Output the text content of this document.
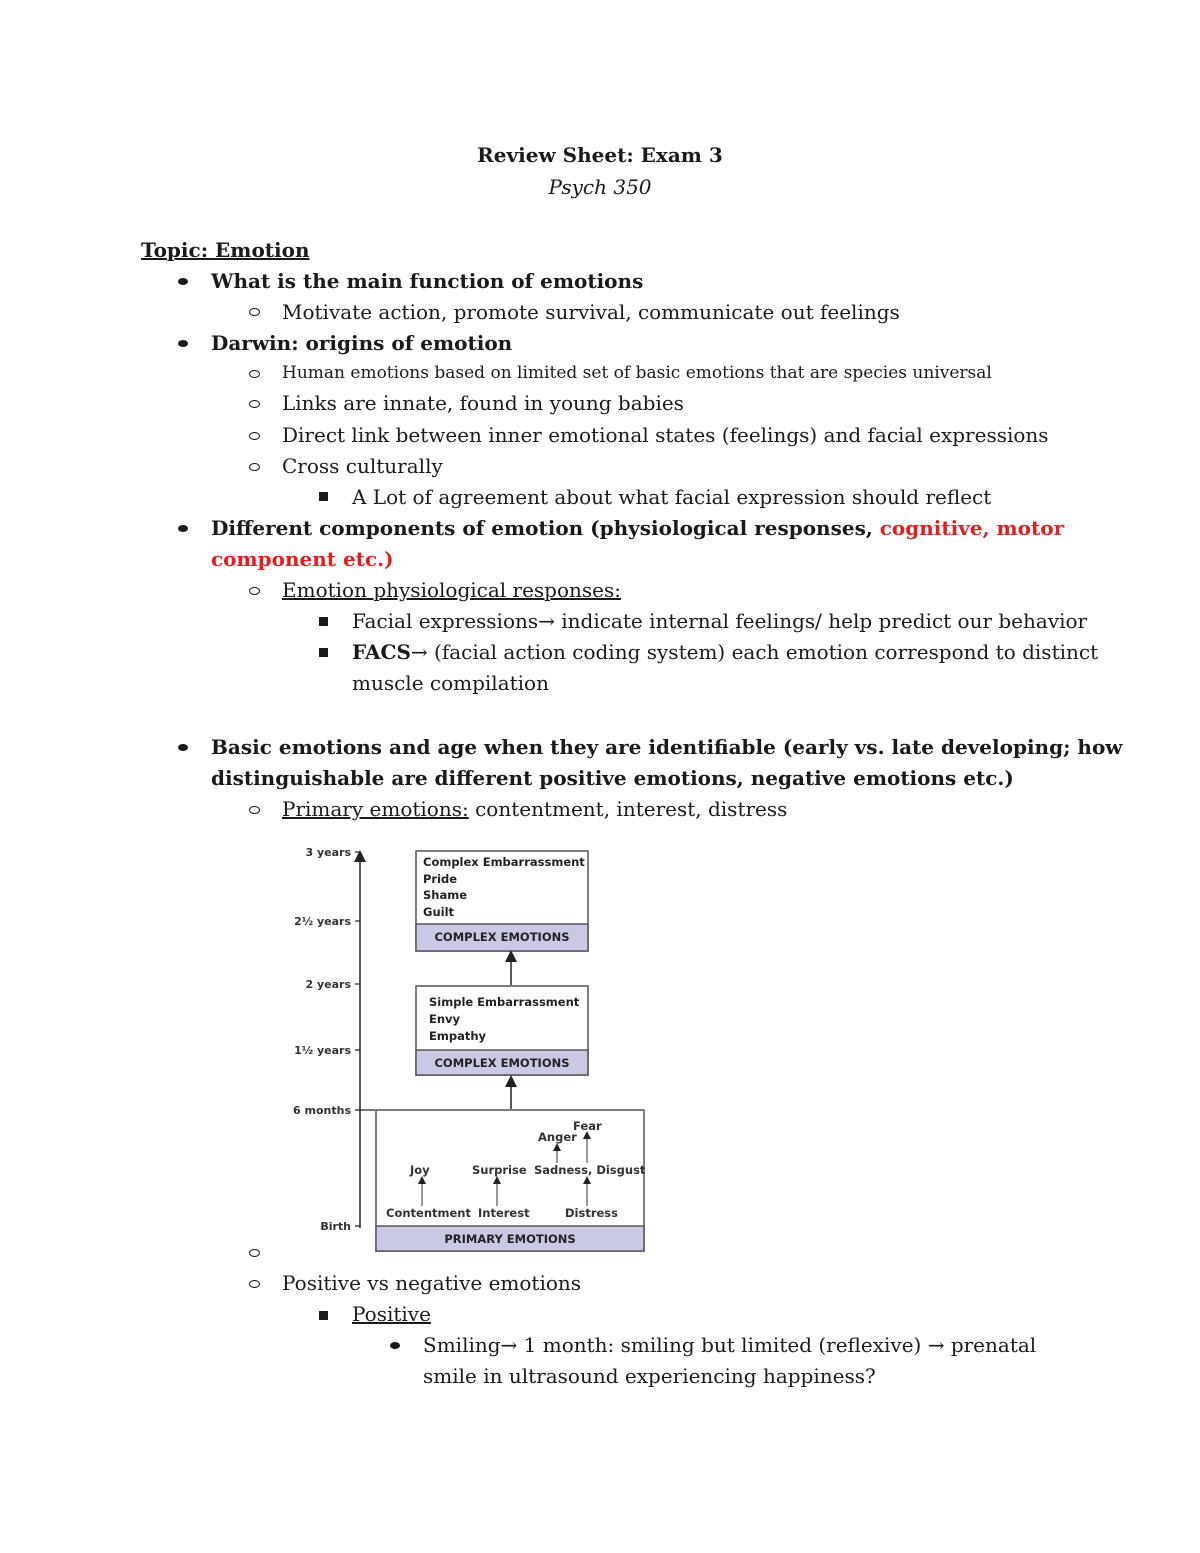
Review Sheet: Exam 3
Psych 350
Topic: Emotion
What is the main function of emotions
Motivate action, promote survival, communicate out feelings
Darwin: origins of emotion
Human emotions based on limited set of basic emotions that are species universal
Links are innate, found in young babies
Direct link between inner emotional states (feelings) and facial expressions
Cross culturally
A Lot of agreement about what facial expression should reflect
Different components of emotion (physiological responses, cognitive, motor
component etc.)
Emotion physiological responses:
Facial expressions→ indicate internal feelings/ help predict our behavior
FACS→ (facial action coding system) each emotion correspond to distinct
muscle compilation
Basic emotions and age when they are identifiable (early vs. late developing; how
distinguishable are different positive emotions, negative emotions etc.)
Primary emotions: contentment, interest, distress
3 years
2½ years
2 years
1½ years
6 months
Birth
Complex Embarrassment
Pride
Shame
Guilt
COMPLEX EMOTIONS
Simple Embarrassment
Envy
Empathy
COMPLEX EMOTIONS
Fear
Anger
Joy	Surprise Sadness, Disgust
Contentment Interest	Distress
PRIMARY EMOTIONS
Positive vs negative emotions
Positive
Smiling→ 1 month: smiling but limited (reflexive) → prenatal
smile in ultrasound experiencing happiness?
